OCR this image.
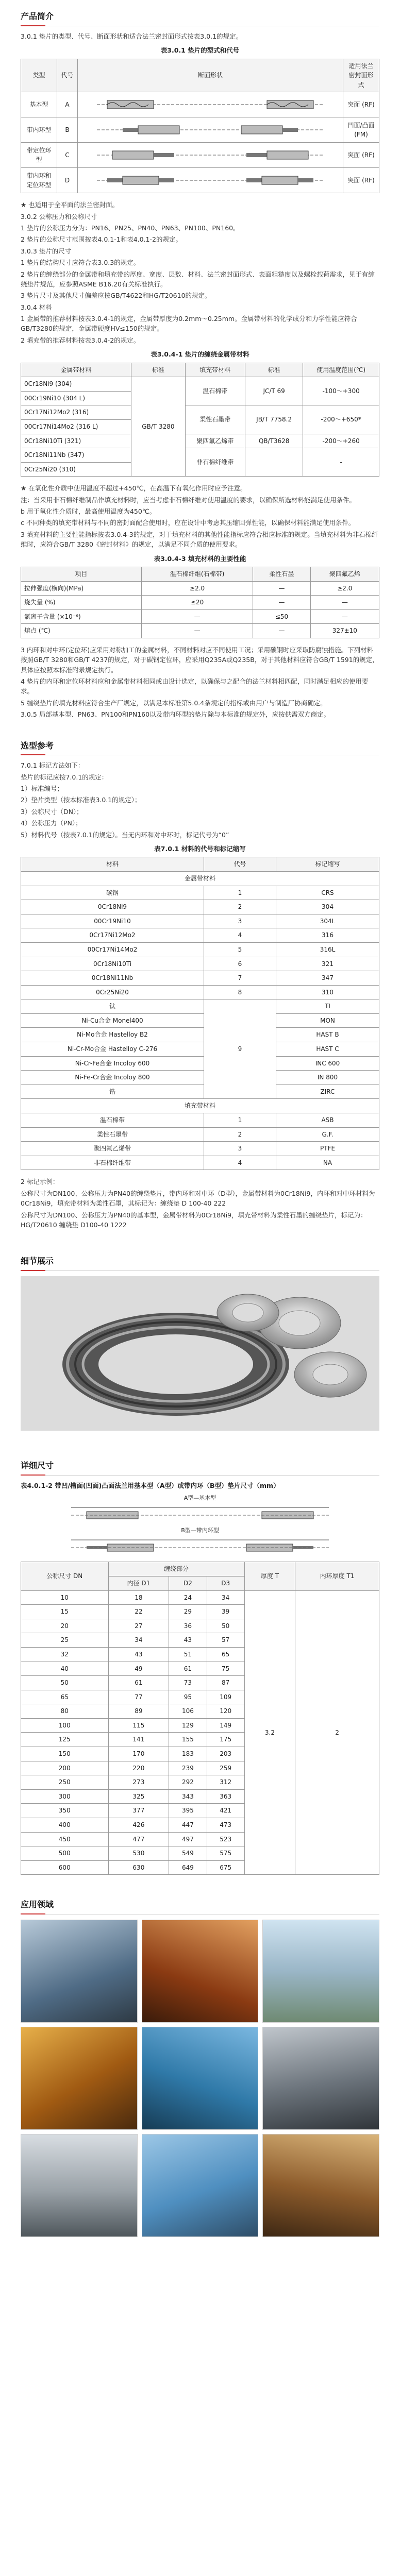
产品简介

3.0.1 垫片的类型、代号、断面形状和适合法兰密封面形式按表3.0.1的规定。

表3.0.1 垫片的型式和代号
类型	代号	断面形状	适用法兰密封面形式
基本型	A		突面 (RF)
带内环型	B		凹面/凸面 (FM)
带定位环型	C		突面 (RF)
带内环和定位环型	D		突面 (RF)

★ 也适用于全平面的法兰密封面。

3.0.2 公称压力和公称尺寸

1 垫片的公称压力分为：PN16、PN25、PN40、PN63、PN100、PN160。

2 垫片的公称尺寸范围按表4.0.1-1和表4.0.1-2的规定。

3.0.3 垫片的尺寸

1 垫片的结构尺寸应符合表3.0.3的规定。

2 垫片的缠绕部分的金属带和填充带的厚度、宽度、层数、材料、法兰密封面形式、表面粗糙度以及螺栓载荷需求，见于有缠绕垫片规范，应参照ASME B16.20有关标准执行。

3 垫片尺寸及其他尺寸偏差应按GB/T4622和HG/T20610的规定。

3.0.4 材料

1 金属带的推荐材料按表3.0.4-1的规定，金属带厚度为0.2mm～0.25mm。金属带材料的化学成分和力学性能应符合GB/T3280的规定，金属带硬度HV≤150的规定。

2 填充带的推荐材料按表3.0.4-2的规定。

表3.0.4-1 垫片的缠绕金属带材料
金属带材料	标准	填充带材料	标准	使用温度范围(℃)
0Cr18Ni9 (304)	GB/T 3280	温石棉带	JC/T 69	-100～+300
00Cr19Ni10 (304 L)				
0Cr17Ni12Mo2 (316)		柔性石墨带	JB/T 7758.2	-200～+650*
00Cr17Ni14Mo2 (316 L)				
0Cr18Ni10Ti (321)		聚四氟乙烯带	QB/T3628	-200～+260
0Cr18Ni11Nb (347)		非石棉纤维带		-
0Cr25Ni20 (310)				

★ 在氧化性介质中使用温度不超过+450℃，在高温下有氧化作用时应予注意。

注：当采用非石棉纤维制品作填充材料时，应当考虑非石棉纤维对使用温度的要求，以确保所选材料能满足使用条件。

b 用于氧化性介质时，最高使用温度为450℃。

c 不同种类的填充带材料与不同的密封面配合使用时，应在设计中考虑其压缩回弹性能，以确保材料能满足使用条件。

3 填充材料的主要性能指标按表3.0.4-3的规定，对于填充材料的其他性能指标应符合相应标准的规定。当填充材料为非石棉纤维时，应符合GB/T 3280《密封材料》的规定，以满足不同介质的使用要求。

表3.0.4-3 填充材料的主要性能
项目	温石棉纤维(石棉带)	柔性石墨	聚四氟乙烯
拉伸强度(横向)(MPa)	≥2.0	—	≥2.0
烧失量 (%)	≤20	—	—
氯离子含量 (×10⁻⁶)	—	≤50	—
熔点 (℃)	—	—	327±10

3 内环和对中环(定位环)应采用对称加工的金属材料，不同材料对应不同使用工况；采用碳钢时应采取防腐蚀措施。下列材料按照GB/T 3280和GB/T 4237的规定，对于碳钢定位环，应采用Q235A或Q235B，对于其他材料应符合GB/T 1591的规定，具体应按照本标准附录规定执行。

4 垫片的内环和定位环材料应和金属带材料相同或由设计选定，以确保与之配合的法兰材料相匹配，同时满足相应的使用要求。

5 缠绕垫片的填充材料应符合生产厂规定，以满足本标准第5.0.4条规定的指标或由用户与制造厂协商确定。

3.0.5 局部基本型、PN63、PN100和PN160以及带内环型的垫片除与本标准的规定外，应按供需双方商定。

选型参考

7.0.1 标记方法如下：

垫片的标记应按7.0.1的规定：

1）标准编号；

2）垫片类型（按本标准表3.0.1的规定）；

3）公称尺寸（DN）；

4）公称压力（PN）；

5）材料代号（按表7.0.1的规定）。当无内环和对中环时，标记代号为“0”

表7.0.1 材料的代号和标记缩写
材料	代号	标记缩写
金属带材料		
碳钢	1	CRS
0Cr18Ni9	2	304
00Cr19Ni10	3	304L
0Cr17Ni12Mo2	4	316
00Cr17Ni14Mo2	5	316L
0Cr18Ni10Ti	6	321
0Cr18Ni11Nb	7	347
0Cr25Ni20	8	310
钛	9	TI
Ni-Cu合金 Monel400		MON
Ni-Mo合金 Hastelloy B2		HAST B
Ni-Cr-Mo合金 Hastelloy C-276		HAST C
Ni-Cr-Fe合金 Incoloy 600		INC 600
Ni-Fe-Cr合金 Incoloy 800		IN 800
锆		ZIRC
填充带材料		
温石棉带	1	ASB
柔性石墨带	2	G.F.
聚四氟乙烯带	3	PTFE
非石棉纤维带	4	NA

2 标记示例：

公称尺寸为DN100、公称压力为PN40的缠绕垫片，带内环和对中环（D型），金属带材料为0Cr18Ni9，内环和对中环材料为0Cr18Ni9，填充带材料为柔性石墨，其标记为：缠绕垫 D 100-40 222

公称尺寸为DN100、公称压力为PN40的基本型，金属带材料为0Cr18Ni9，填充带材料为柔性石墨的缠绕垫片，标记为：HG/T20610 缠绕垫 D100-40 1222

细节展示
详细尺寸
表4.0.1-2 带凹/槽面(凹面)凸面法兰用基本型（A型）或带内环（B型）垫片尺寸（mm）
A型—基本型
B型—带内环型
公称尺寸 DN	缠绕部分			厚度 T	内环厚度 T1
	内径 D1	D2	D3		
10	18	24	34	3.2	2
15	22	29	39		
20	27	36	50		
25	34	43	57		
32	43	51	65		
40	49	61	75		
50	61	73	87		
65	77	95	109		
80	89	106	120		
100	115	129	149		
125	141	155	175		
150	170	183	203		
200	220	239	259		
250	273	292	312		
300	325	343	363		
350	377	395	421		
400	426	447	473		
450	477	497	523		
500	530	549	575		
600	630	649	675		
应用领域
